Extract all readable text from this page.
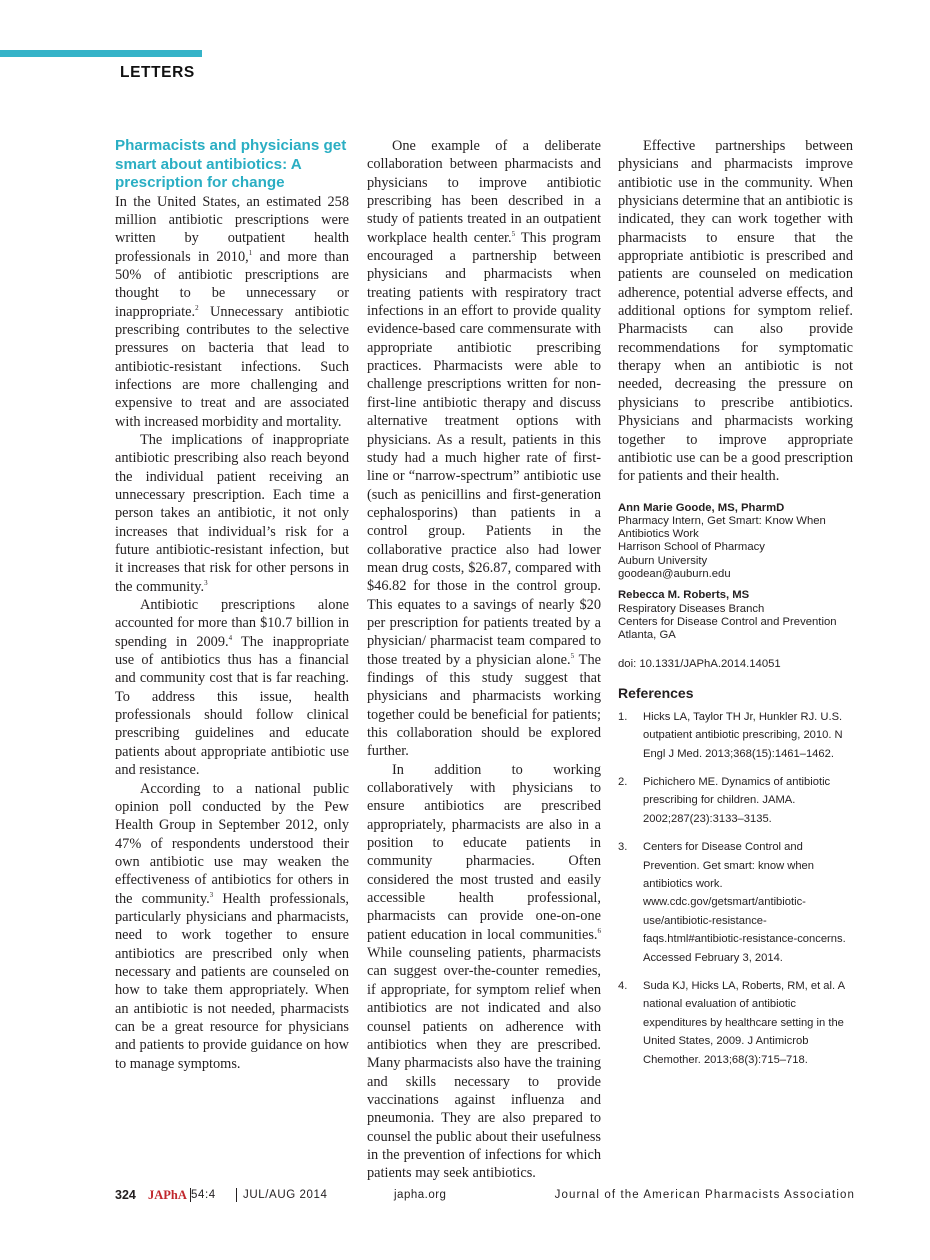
LETTERS
Pharmacists and physicians get smart about antibiotics: A prescription for change

In the United States, an estimated 258 million antibiotic prescriptions were written by outpatient health professionals in 2010,$^1$ and more than 50% of antibiotic prescriptions are thought to be unnecessary or inappropriate.$^2$ Unnecessary antibiotic prescribing contributes to the selective pressures on bacteria that lead to antibiotic-resistant infections. Such infections are more challenging and expensive to treat and are associated with increased morbidity and mortality.

The implications of inappropriate antibiotic prescribing also reach beyond the individual patient receiving an unnecessary prescription. Each time a person takes an antibiotic, it not only increases that individual’s risk for a future antibiotic-resistant infection, but it increases that risk for other persons in the community.$^3$

Antibiotic prescriptions alone accounted for more than $10.7 billion in spending in 2009.$^4$ The inappropriate use of antibiotics thus has a financial and community cost that is far reaching. To address this issue, health professionals should follow clinical prescribing guidelines and educate patients about appropriate antibiotic use and resistance.

According to a national public opinion poll conducted by the Pew Health Group in September 2012, only 47% of respondents understood their own antibiotic use may weaken the effectiveness of antibiotics for others in the community.$^3$ Health professionals, particularly physicians and pharmacists, need to work together to ensure antibiotics are prescribed only when necessary and patients are counseled on how to take them appropriately. When an antibiotic is not needed, pharmacists can be a great resource for physicians and patients to provide guidance on how to manage symptoms.

One example of a deliberate collaboration between pharmacists and physicians to improve antibiotic prescribing has been described in a study of patients treated in an outpatient workplace health center.$^5$ This program encouraged a partnership between physicians and pharmacists when treating patients with respiratory tract infections in an effort to provide quality evidence-based care commensurate with appropriate antibiotic prescribing practices. Pharmacists were able to challenge prescriptions written for non-first-line antibiotic therapy and discuss alternative treatment options with physicians. As a result, patients in this study had a much higher rate of first-line or “narrow-spectrum” antibiotic use (such as penicillins and first-generation cephalosporins) than patients in a control group. Patients in the collaborative practice also had lower mean drug costs, $26.87, compared with $46.82 for those in the control group. This equates to a savings of nearly $20 per prescription for patients treated by a physician/ pharmacist team compared to those treated by a physician alone.$^5$ The findings of this study suggest that physicians and pharmacists working together could be beneficial for patients; this collaboration should be explored further.

In addition to working collaboratively with physicians to ensure antibiotics are prescribed appropriately, pharmacists are also in a position to educate patients in community pharmacies. Often considered the most trusted and easily accessible health professional, pharmacists can provide one-on-one patient education in local communities.$^6$ While counseling patients, pharmacists can suggest over-the-counter remedies, if appropriate, for symptom relief when antibiotics are not indicated and also counsel patients on adherence with antibiotics when they are prescribed. Many pharmacists also have the training and skills necessary to provide vaccinations against influenza and pneumonia. They are also prepared to counsel the public about their usefulness in the prevention of infections for which patients may seek antibiotics.

Effective partnerships between physicians and pharmacists improve antibiotic use in the community. When physicians determine that an antibiotic is indicated, they can work together with pharmacists to ensure that the appropriate antibiotic is prescribed and patients are counseled on medication adherence, potential adverse effects, and additional options for symptom relief. Pharmacists can also provide recommendations for symptomatic therapy when an antibiotic is not needed, decreasing the pressure on physicians to prescribe antibiotics. Physicians and pharmacists working together to improve appropriate antibiotic use can be a good prescription for patients and their health.

Ann Marie Goode, MS, PharmD
Pharmacy Intern, Get Smart: Know When Antibiotics Work
Harrison School of Pharmacy
Auburn University
goodean@auburn.edu
Rebecca M. Roberts, MS
Respiratory Diseases Branch
Centers for Disease Control and Prevention
Atlanta, GA
doi: 10.1331/JAPhA.2014.14051
References
1. Hicks LA, Taylor TH Jr, Hunkler RJ. U.S. outpatient antibiotic prescribing, 2010. N Engl J Med. 2013;368(15):1461–1462.
2. Pichichero ME. Dynamics of antibiotic prescribing for children. JAMA. 2002;287(23):3133–3135.
3. Centers for Disease Control and Prevention. Get smart: know when antibiotics work. www.cdc.gov/getsmart/antibiotic-use/antibiotic-resistance-faqs.html#antibiotic-resistance-concerns. Accessed February 3, 2014.
4. Suda KJ, Hicks LA, Roberts, RM, et al. A national evaluation of antibiotic expenditures by healthcare setting in the United States, 2009. J Antimicrob Chemother. 2013;68(3):715–718.
324 JAPhA 54:4 JUL/AUG 2014	japha.org	Journal of the American Pharmacists Association
